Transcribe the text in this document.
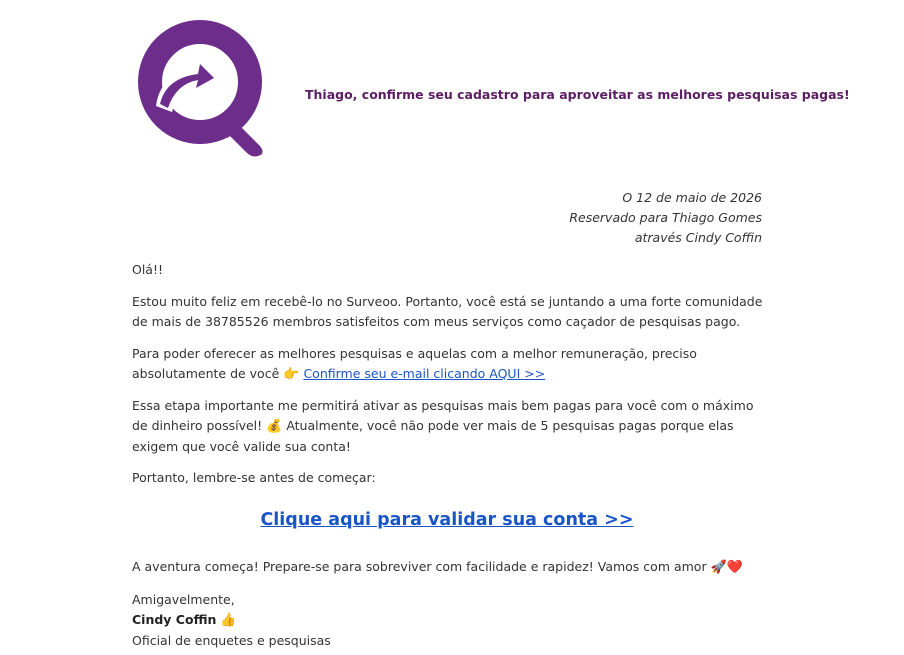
Thiago, confirme seu cadastro para aproveitar as melhores pesquisas pagas!
O 12 de maio de 2026
Reservado para Thiago Gomes
através Cindy Coffin

Olá!!

Estou muito feliz em recebê-lo no Surveoo. Portanto, você está se juntando a uma forte comunidade de mais de 38785526 membros satisfeitos com meus serviços como caçador de pesquisas pago.

Para poder oferecer as melhores pesquisas e aquelas com a melhor remuneração, preciso absolutamente de você 👉 Confirme seu e-mail clicando AQUI >>

Essa etapa importante me permitirá ativar as pesquisas mais bem pagas para você com o máximo de dinheiro possível! 💰 Atualmente, você não pode ver mais de 5 pesquisas pagas porque elas exigem que você valide sua conta!

Portanto, lembre-se antes de começar:

Clique aqui para validar sua conta >>

A aventura começa! Prepare-se para sobreviver com facilidade e rapidez! Vamos com amor 🚀❤️

Amigavelmente,
Cindy Coffin 👍
Oficial de enquetes e pesquisas
